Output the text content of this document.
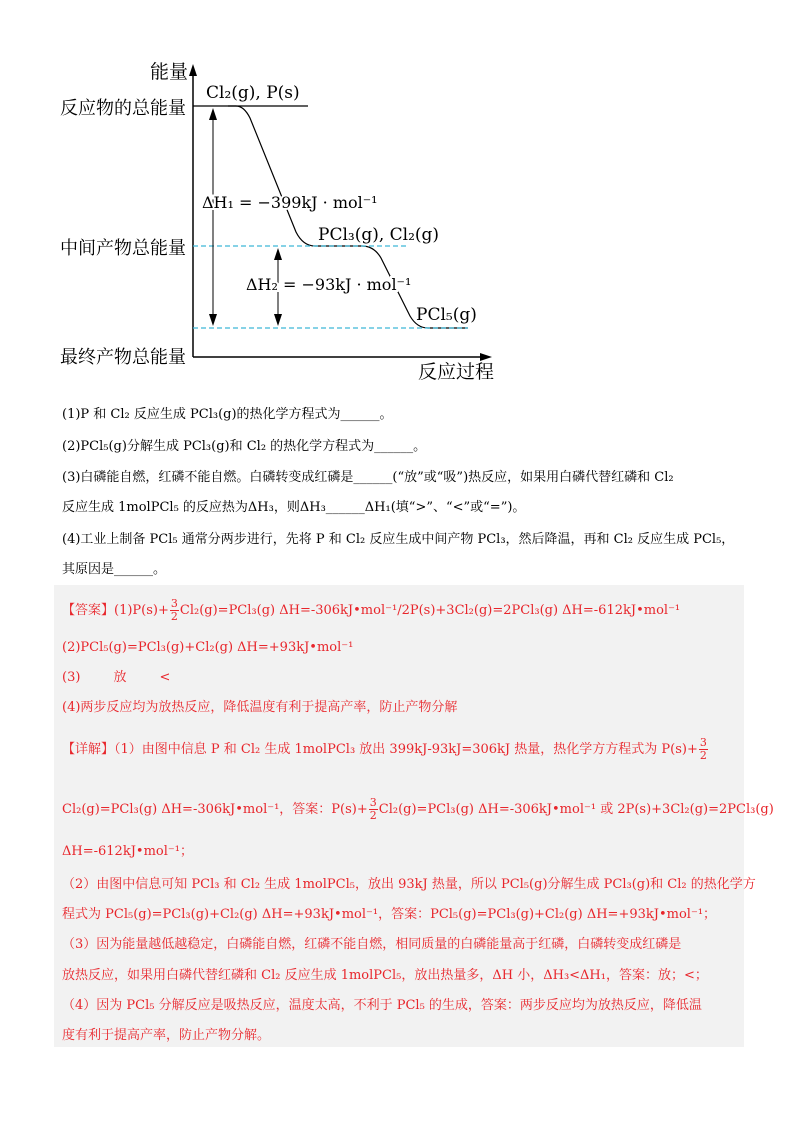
能量
反应过程
反应物的总能量
中间产物总能量
最终产物总能量
Cl₂(g), P(s)
PCl₃(g), Cl₂(g)
PCl₅(g)
ΔH₁ = −399kJ · mol⁻¹
ΔH₂ = −93kJ · mol⁻¹
(1)P 和 Cl₂ 反应生成 PCl₃(g)的热化学方程式为______。
(2)PCl₅(g)分解生成 PCl₃(g)和 Cl₂ 的热化学方程式为______。
(3)白磷能自燃，红磷不能自燃。白磷转变成红磷是______(“放”或“吸”)热反应，如果用白磷代替红磷和 Cl₂
反应生成 1molPCl₅ 的反应热为ΔH₃，则ΔH₃______ΔH₁(填“>”、“<”或“=”)。
(4)工业上制备 PCl₅ 通常分两步进行，先将 P 和 Cl₂ 反应生成中间产物 PCl₃，然后降温，再和 Cl₂ 反应生成 PCl₅，
其原因是______。
【答案】$(1)P(s)+ \frac{3}{2} Cl_2(g)=PCl_3(g)$ ΔH=-306kJ•mol⁻¹/2P(s)+3Cl₂(g)=2PCl₃(g) ΔH=-612kJ•mol⁻¹
(2)PCl₅(g)=PCl₃(g)+Cl₂(g) ΔH=+93kJ•mol⁻¹
(3)        放        <
(4)两步反应均为放热反应，降低温度有利于提高产率，防止产物分解
【详解】（1）由图中信息 P 和 Cl₂ 生成 1molPCl₃ 放出 399kJ-93kJ=306kJ 热量，热化学方方程式为 $P(s)+ \frac{3}{2}$
Cl₂(g)=PCl₃(g) ΔH=-306kJ•mol⁻¹，答案：$P(s)+ \frac{3}{2} Cl_2(g)=PCl_3(g)$ ΔH=-306kJ•mol⁻¹ 或 2P(s)+3Cl₂(g)=2PCl₃(g)
ΔH=-612kJ•mol⁻¹；
（2）由图中信息可知 PCl₃ 和 Cl₂ 生成 1molPCl₅，放出 93kJ 热量，所以 PCl₅(g)分解生成 PCl₃(g)和 Cl₂ 的热化学方
程式为 PCl₅(g)=PCl₃(g)+Cl₂(g) ΔH=+93kJ•mol⁻¹，答案：PCl₅(g)=PCl₃(g)+Cl₂(g) ΔH=+93kJ•mol⁻¹；
（3）因为能量越低越稳定，白磷能自燃，红磷不能自燃，相同质量的白磷能量高于红磷，白磷转变成红磷是
放热反应，如果用白磷代替红磷和 Cl₂ 反应生成 1molPCl₅，放出热量多，ΔH 小，ΔH₃<ΔH₁，答案：放；<；
（4）因为 PCl₅ 分解反应是吸热反应，温度太高，不利于 PCl₅ 的生成，答案：两步反应均为放热反应，降低温
度有利于提高产率，防止产物分解。
